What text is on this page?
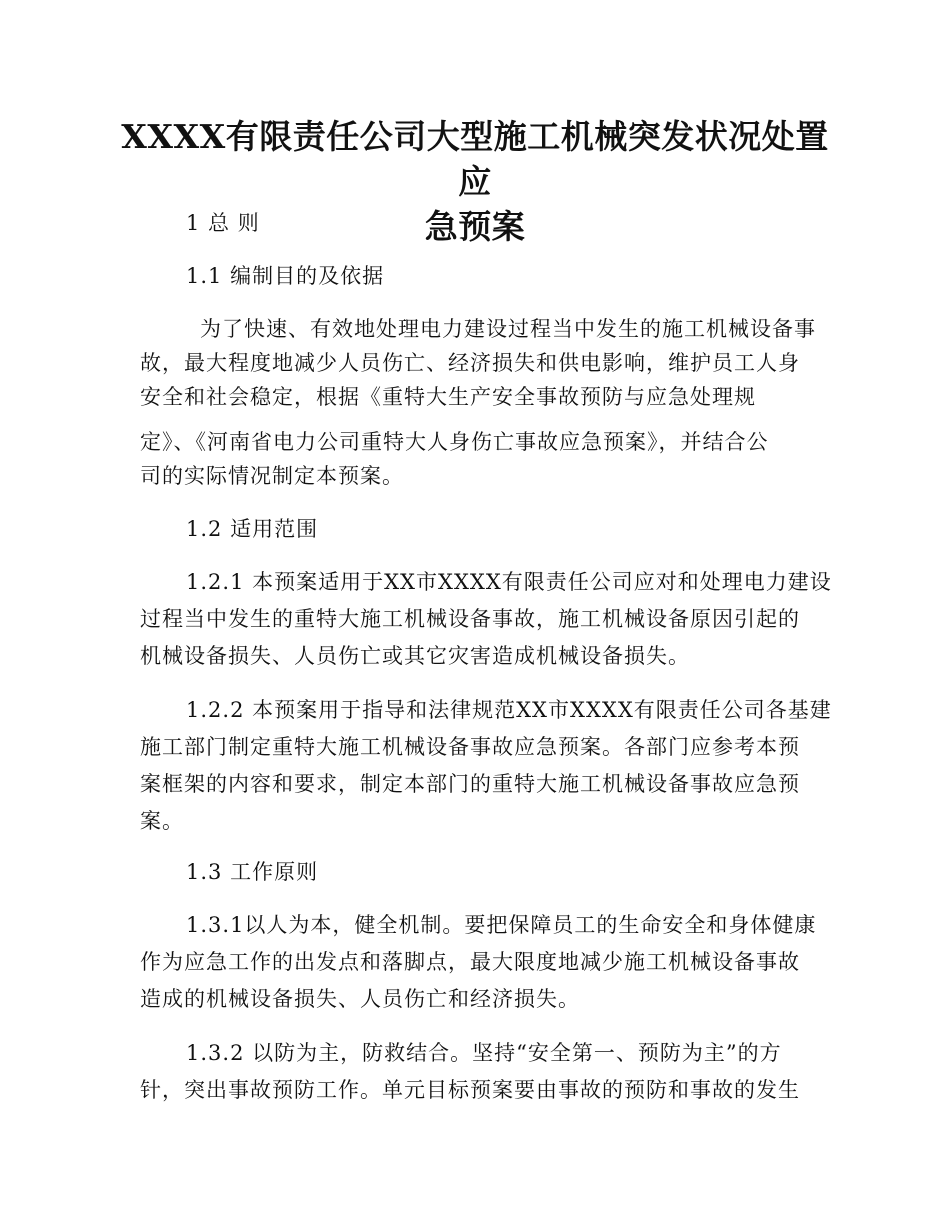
XXXX有限责任公司大型施工机械突发状况处置应
急预案

1 总 则

1.1 编制目的及依据

为了快速、有效地处理电力建设过程当中发生的施工机械设备事

故，最大程度地减少人员伤亡、经济损失和供电影响，维护员工人身

安全和社会稳定，根据《重特大生产安全事故预防与应急处理规

定》、《河南省电力公司重特大人身伤亡事故应急预案》，并结合公

司的实际情况制定本预案。

1.2 适用范围

1.2.1 本预案适用于XX市XXXX有限责任公司应对和处理电力建设

过程当中发生的重特大施工机械设备事故，施工机械设备原因引起的

机械设备损失、人员伤亡或其它灾害造成机械设备损失。

1.2.2 本预案用于指导和法律规范XX市XXXX有限责任公司各基建

施工部门制定重特大施工机械设备事故应急预案。各部门应参考本预

案框架的内容和要求，制定本部门的重特大施工机械设备事故应急预

案。

1.3 工作原则

1.3.1以人为本，健全机制。要把保障员工的生命安全和身体健康

作为应急工作的出发点和落脚点，最大限度地减少施工机械设备事故

造成的机械设备损失、人员伤亡和经济损失。

1.3.2 以防为主，防救结合。坚持“安全第一、预防为主”的方

针，突出事故预防工作。单元目标预案要由事故的预防和事故的发生
